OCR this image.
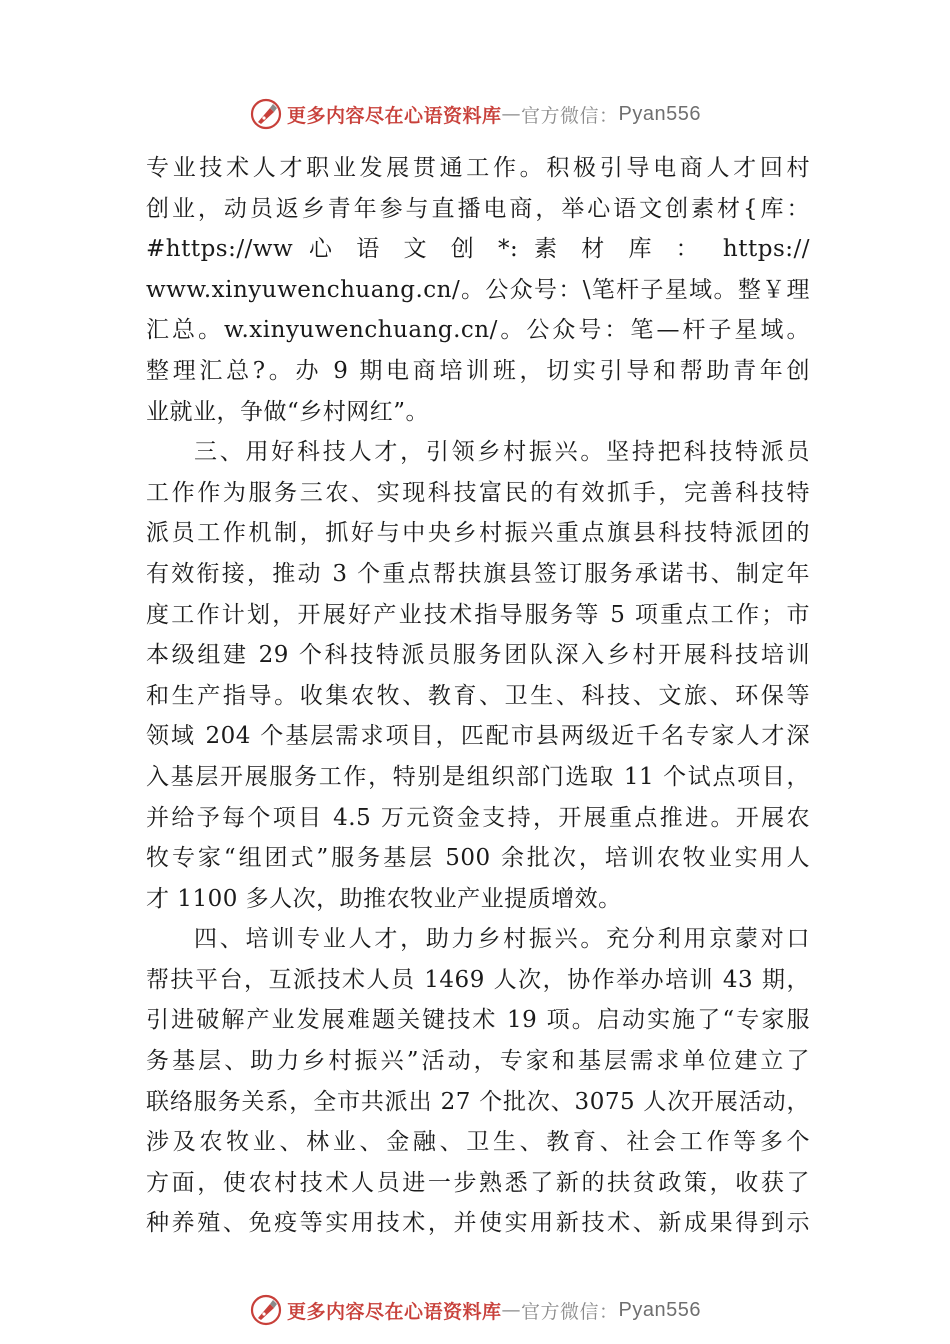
更多内容尽在心语资料库 — 官方微信： Pyan556
专业技术人才职业发展贯通工作。积极引导电商人才回村
创业，动员返乡青年参与直播电商，举心语文创素材{库：
#https://ww 心 语 文 创 *: 素 材 库 ： https://
www.xinyuwenchuang.cn/。公众号：\笔杆子星域。整￥理
汇总。w.xinyuwenchuang.cn/。公众号：笔—杆子星域。
整理汇总?。办 9 期电商培训班，切实引导和帮助青年创
业就业，争做“乡村网红”。
三、用好科技人才，引领乡村振兴。坚持把科技特派员
工作作为服务三农、实现科技富民的有效抓手，完善科技特
派员工作机制，抓好与中央乡村振兴重点旗县科技特派团的
有效衔接，推动 3 个重点帮扶旗县签订服务承诺书、制定年
度工作计划，开展好产业技术指导服务等 5 项重点工作；市
本级组建 29 个科技特派员服务团队深入乡村开展科技培训
和生产指导。收集农牧、教育、卫生、科技、文旅、环保等
领域 204 个基层需求项目，匹配市县两级近千名专家人才深
入基层开展服务工作，特别是组织部门选取 11 个试点项目，
并给予每个项目 4.5 万元资金支持，开展重点推进。开展农
牧专家“组团式”服务基层 500 余批次，培训农牧业实用人
才 1100 多人次，助推农牧业产业提质增效。
四、培训专业人才，助力乡村振兴。充分利用京蒙对口
帮扶平台，互派技术人员 1469 人次，协作举办培训 43 期，
引进破解产业发展难题关键技术 19 项。启动实施了“专家服
务基层、助力乡村振兴”活动，专家和基层需求单位建立了
联络服务关系，全市共派出 27 个批次、3075 人次开展活动，
涉及农牧业、林业、金融、卫生、教育、社会工作等多个
方面，使农村技术人员进一步熟悉了新的扶贫政策，收获了
种养殖、免疫等实用技术，并使实用新技术、新成果得到示
更多内容尽在心语资料库 — 官方微信： Pyan556
